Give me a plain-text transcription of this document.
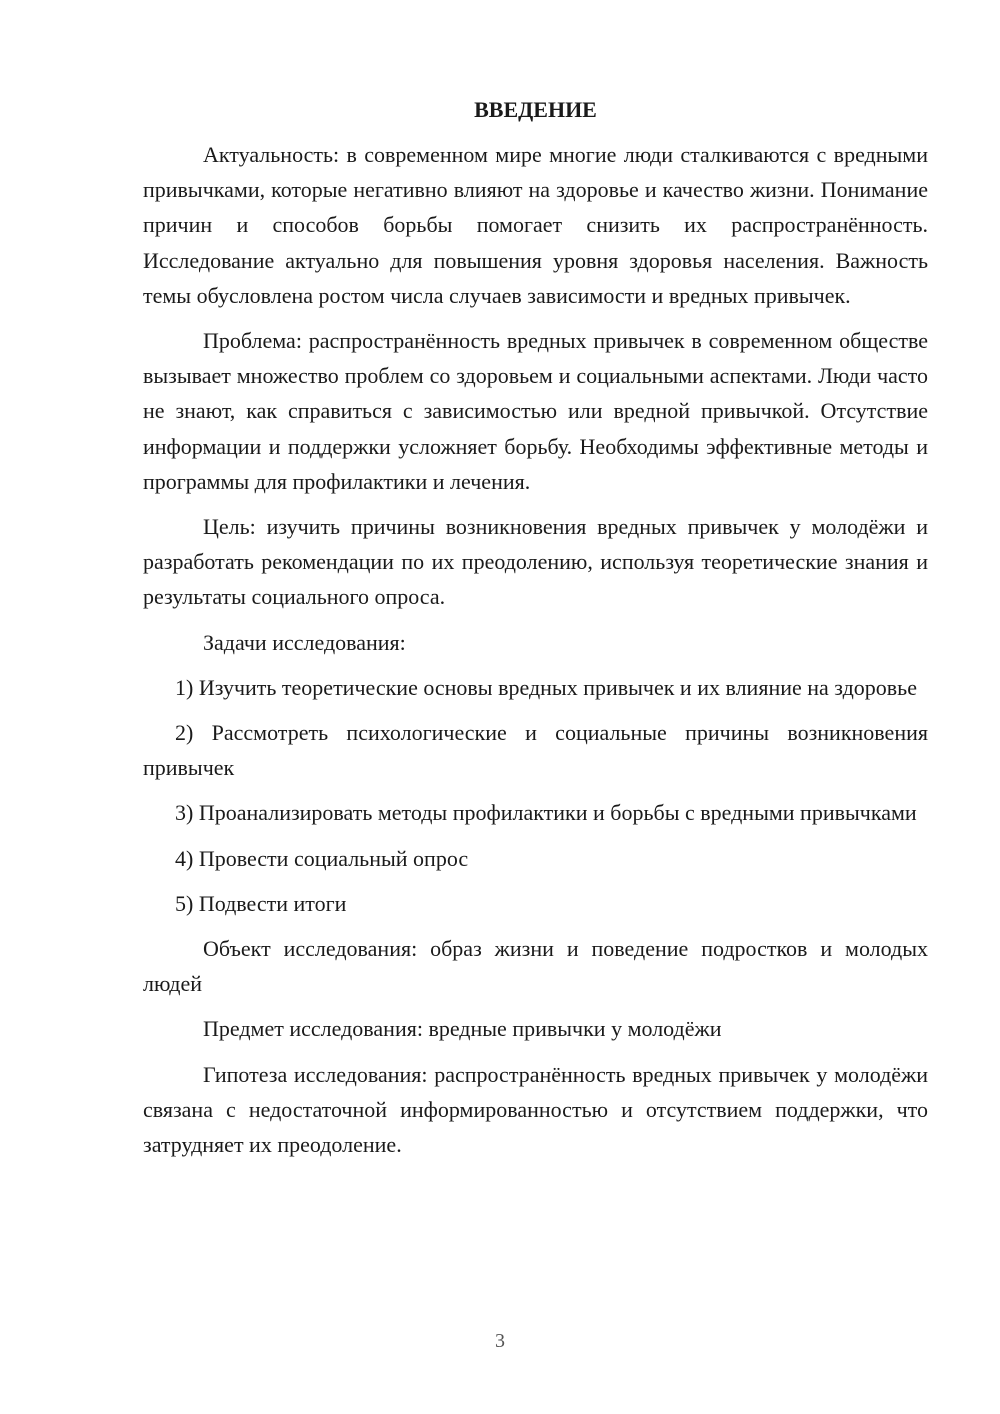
ВВЕДЕНИЕ

Актуальность: в современном мире многие люди сталкиваются с вредными привычками, которые негативно влияют на здоровье и качество жизни. Понимание причин и способов борьбы помогает снизить их распространённость. Исследование актуально для повышения уровня здоровья населения. Важность темы обусловлена ростом числа случаев зависимости и вредных привычек.

Проблема: распространённость вредных привычек в современном обществе вызывает множество проблем со здоровьем и социальными аспектами. Люди часто не знают, как справиться с зависимостью или вредной привычкой. Отсутствие информации и поддержки усложняет борьбу. Необходимы эффективные методы и программы для профилактики и лечения.

Цель: изучить причины возникновения вредных привычек у молодёжи и разработать рекомендации по их преодолению, используя теоретические знания и результаты социального опроса.

Задачи исследования:

1) Изучить теоретические основы вредных привычек и их влияние на здоровье

2) Рассмотреть психологические и социальные причины возникновения привычек

3) Проанализировать методы профилактики и борьбы с вредными привычками

4) Провести социальный опрос

5) Подвести итоги

Объект исследования: образ жизни и поведение подростков и молодых людей

Предмет исследования: вредные привычки у молодёжи

Гипотеза исследования: распространённость вредных привычек у молодёжи связана с недостаточной информированностью и отсутствием поддержки, что затрудняет их преодоление.

3
